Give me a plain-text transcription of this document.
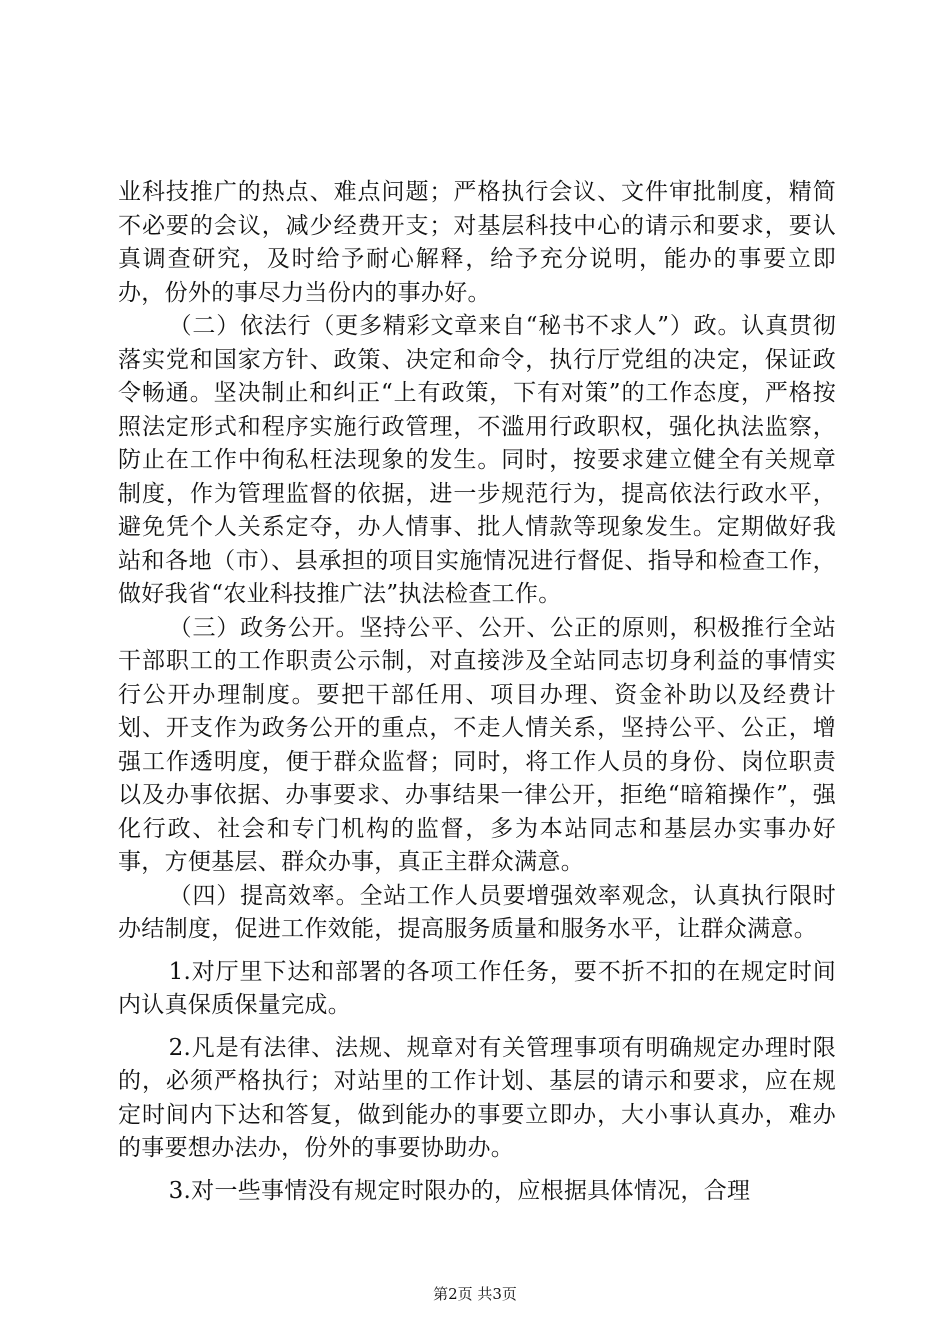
业科技推广的热点、难点问题；严格执行会议、文件审批制度，精简不必要的会议，减少经费开支；对基层科技中心的请示和要求，要认真调查研究，及时给予耐心解释，给予充分说明，能办的事要立即办，份外的事尽力当份内的事办好。

（二）依法行（更多精彩文章来自“秘书不求人”）政。认真贯彻落实党和国家方针、政策、决定和命令，执行厅党组的决定，保证政令畅通。坚决制止和纠正“上有政策，下有对策”的工作态度，严格按照法定形式和程序实施行政管理，不滥用行政职权，强化执法监察，防止在工作中徇私枉法现象的发生。同时，按要求建立健全有关规章制度，作为管理监督的依据，进一步规范行为，提高依法行政水平，避免凭个人关系定夺，办人情事、批人情款等现象发生。定期做好我站和各地（市）、县承担的项目实施情况进行督促、指导和检查工作，做好我省“农业科技推广法”执法检查工作。

（三）政务公开。坚持公平、公开、公正的原则，积极推行全站干部职工的工作职责公示制，对直接涉及全站同志切身利益的事情实行公开办理制度。要把干部任用、项目办理、资金补助以及经费计划、开支作为政务公开的重点，不走人情关系，坚持公平、公正，增强工作透明度，便于群众监督；同时，将工作人员的身份、岗位职责以及办事依据、办事要求、办事结果一律公开，拒绝“暗箱操作”，强化行政、社会和专门机构的监督，多为本站同志和基层办实事办好事，方便基层、群众办事，真正主群众满意。

（四）提高效率。全站工作人员要增强效率观念，认真执行限时办结制度，促进工作效能，提高服务质量和服务水平，让群众满意。

1.对厅里下达和部署的各项工作任务，要不折不扣的在规定时间内认真保质保量完成。

2.凡是有法律、法规、规章对有关管理事项有明确规定办理时限的，必须严格执行；对站里的工作计划、基层的请示和要求，应在规定时间内下达和答复，做到能办的事要立即办，大小事认真办，难办的事要想办法办，份外的事要协助办。

3.对一些事情没有规定时限办的，应根据具体情况，合理

第2页 共3页
